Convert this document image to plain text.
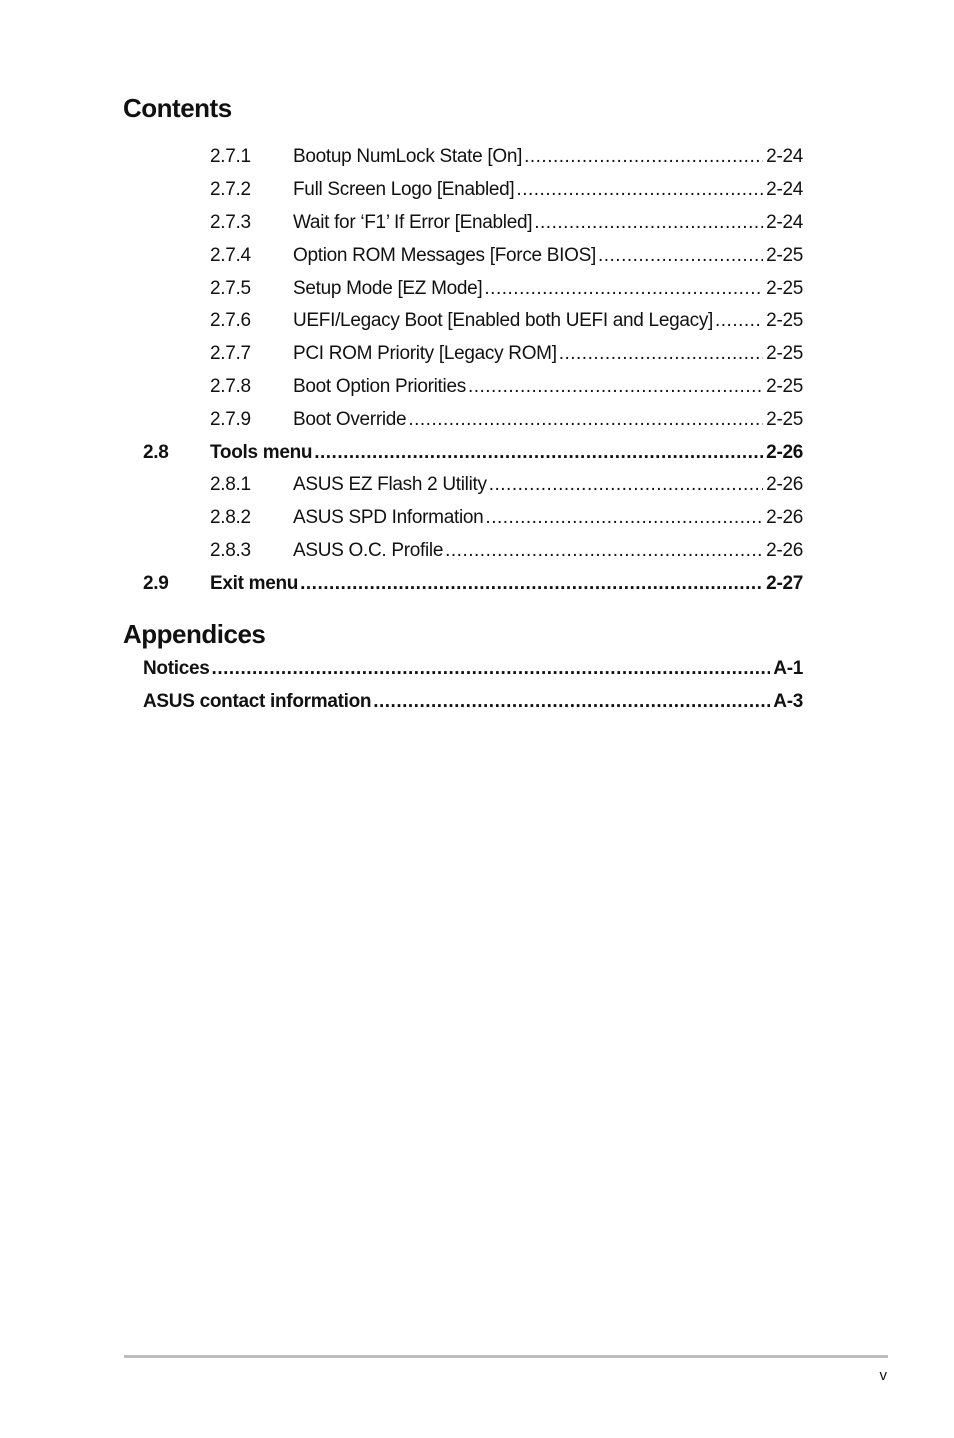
Contents
2.7.1	Bootup NumLock State [On] .....	2-24
2.7.2	Full Screen Logo [Enabled] .....	2-24
2.7.3	Wait for ‘F1’ If Error [Enabled] .....	2-24
2.7.4	Option ROM Messages [Force BIOS] .....	2-25
2.7.5	Setup Mode [EZ Mode] .....	2-25
2.7.6	UEFI/Legacy Boot [Enabled both UEFI and Legacy] .....	2-25
2.7.7	PCI ROM Priority [Legacy ROM] .....	2-25
2.7.8	Boot Option Priorities .....	2-25
2.7.9	Boot Override .....	2-25
2.8	Tools menu .....	2-26
2.8.1	ASUS EZ Flash 2 Utility .....	2-26
2.8.2	ASUS SPD Information .....	2-26
2.8.3	ASUS O.C. Profile .....	2-26
2.9	Exit menu .....	2-27
Appendices
Notices .....	A-1
ASUS contact information .....	A-3
v
